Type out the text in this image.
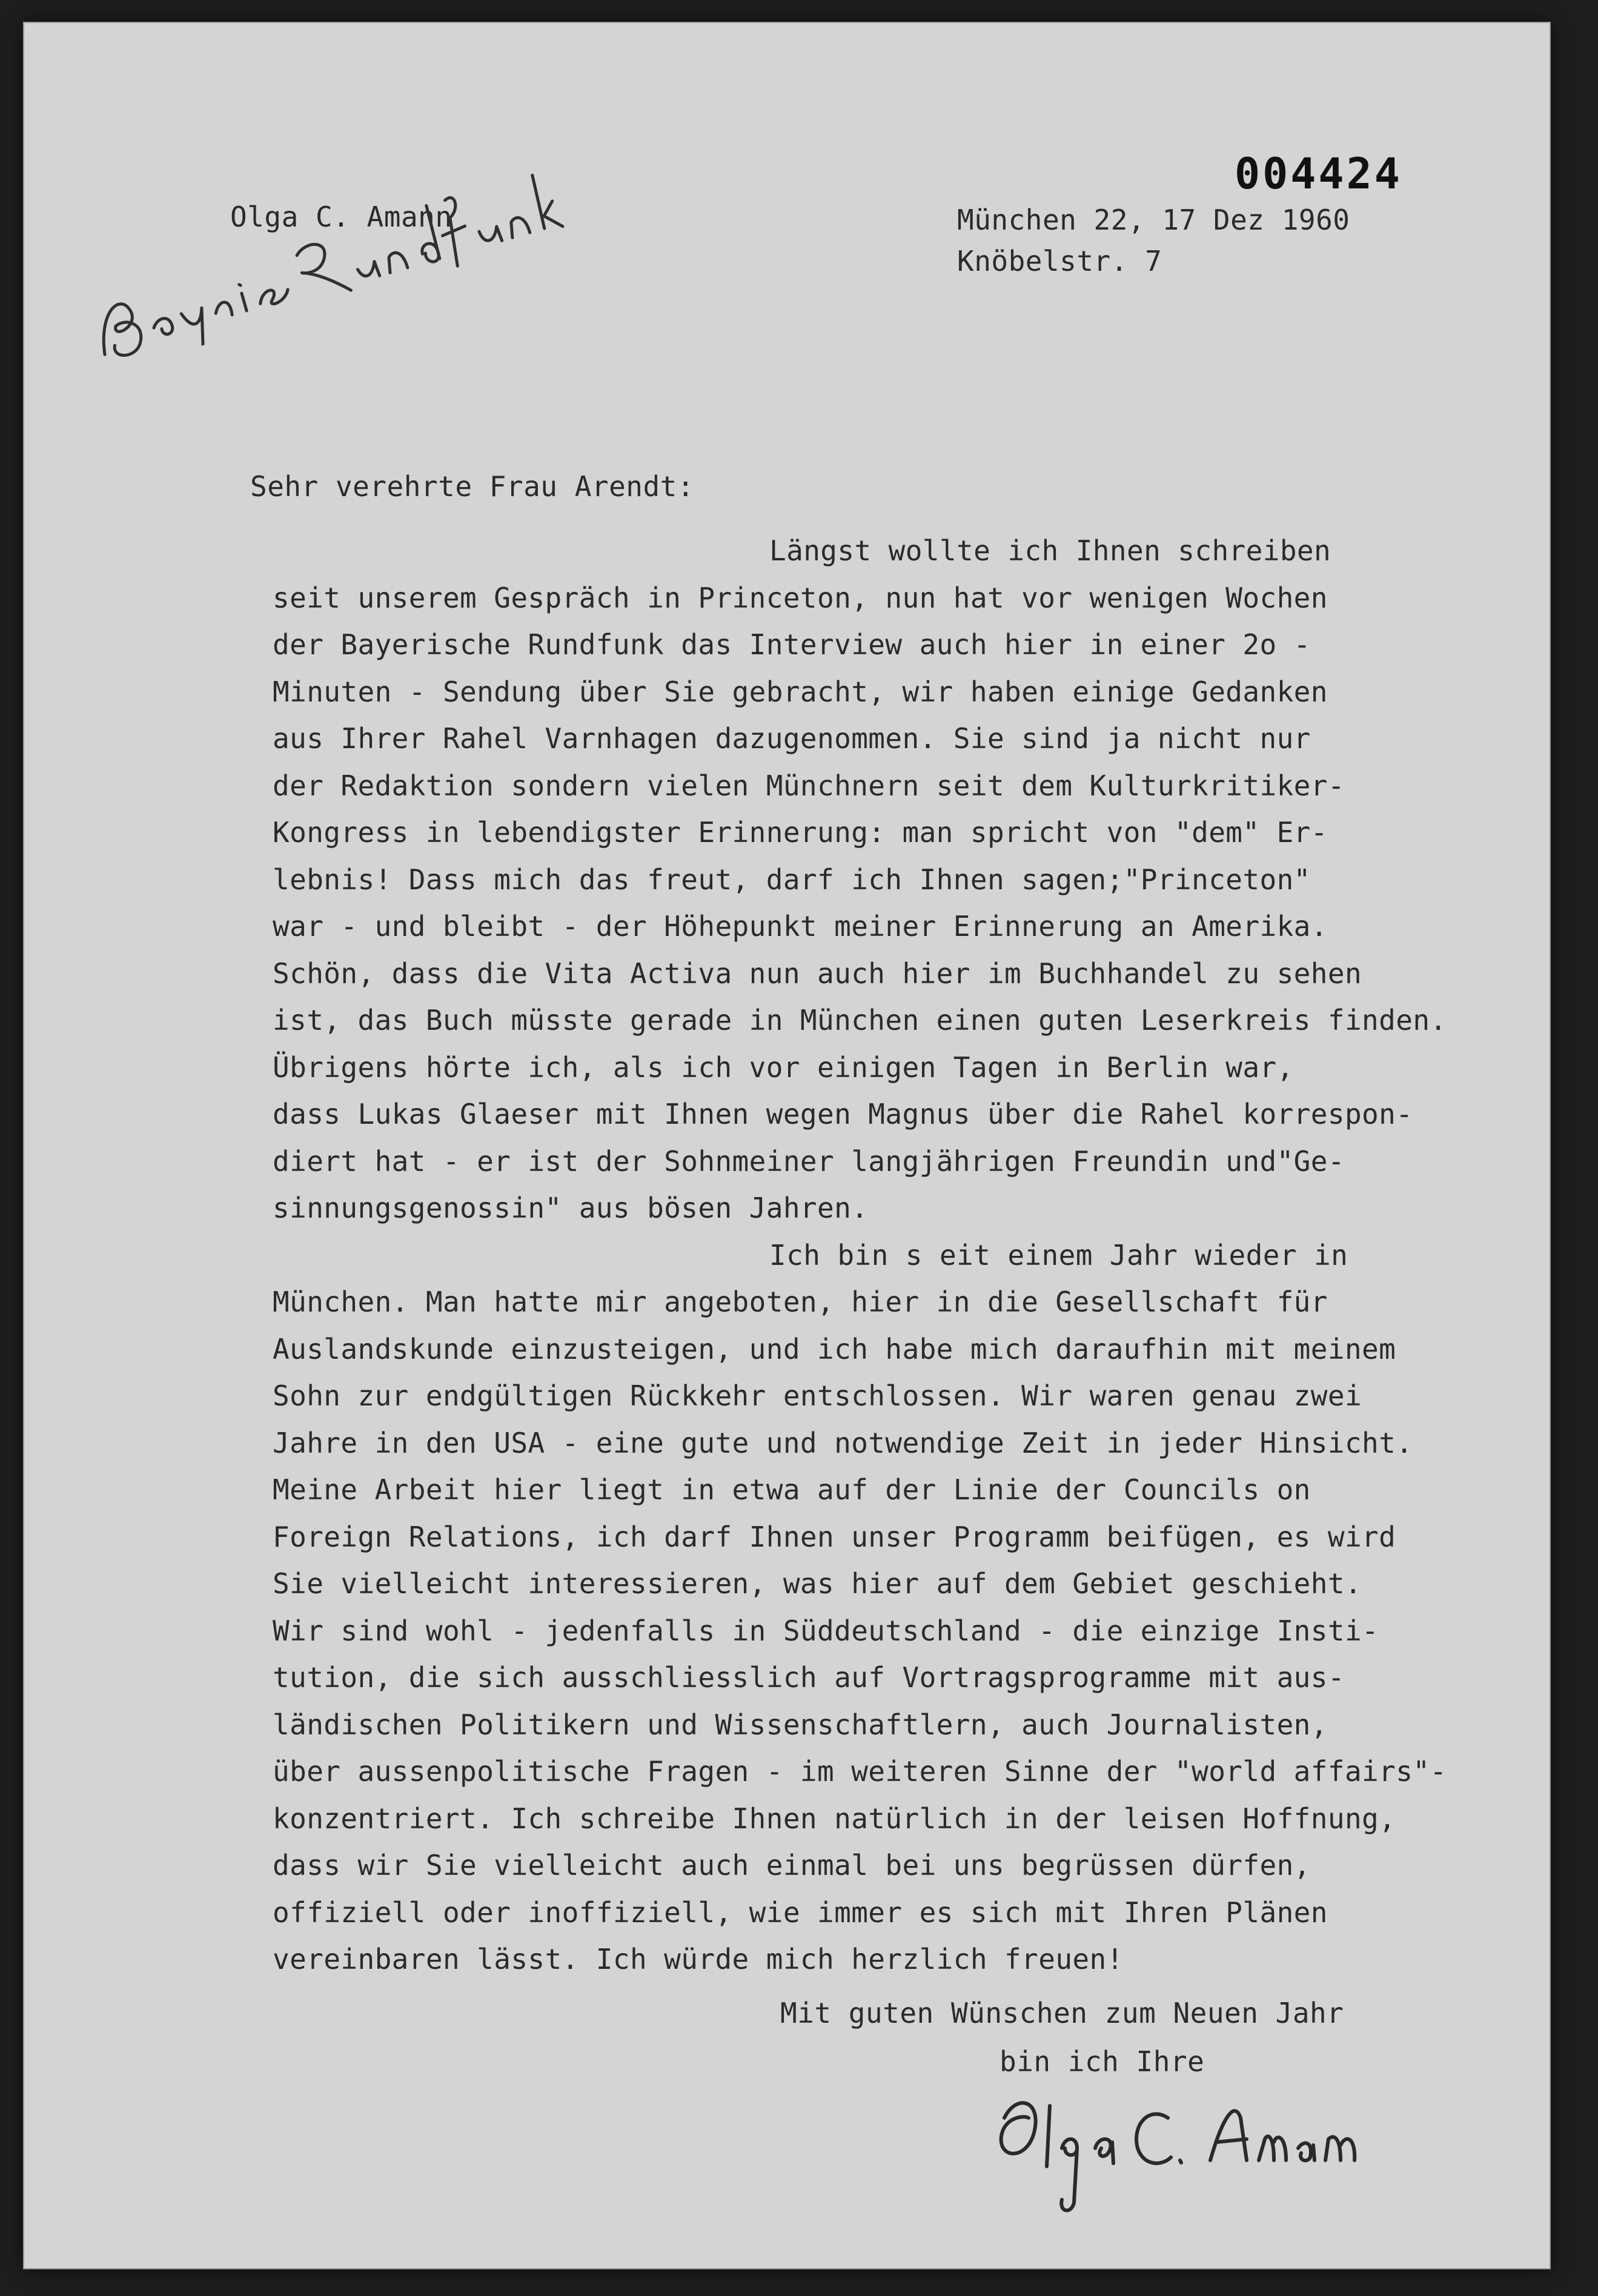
004424
Olga C. Amann	München 22, 17 Dez 1960
Knöbelstr. 7
Sehr verehrte Frau Arendt:
Längst wollte ich Ihnen schreiben
seit unserem Gespräch in Princeton, nun hat vor wenigen Wochen
der Bayerische Rundfunk das Interview auch hier in einer 2o -
Minuten - Sendung über Sie gebracht, wir haben einige Gedanken
aus Ihrer Rahel Varnhagen dazugenommen. Sie sind ja nicht nur
der Redaktion sondern vielen Münchnern seit dem Kulturkritiker-
Kongress in lebendigster Erinnerung: man spricht von "dem" Er-
lebnis! Dass mich das freut, darf ich Ihnen sagen;"Princeton"
war - und bleibt - der Höhepunkt meiner Erinnerung an Amerika.
Schön, dass die Vita Activa nun auch hier im Buchhandel zu sehen
ist, das Buch müsste gerade in München einen guten Leserkreis finden.
Übrigens hörte ich, als ich vor einigen Tagen in Berlin war,
dass Lukas Glaeser mit Ihnen wegen Magnus über die Rahel korrespon-
diert hat - er ist der Sohnmeiner langjährigen Freundin und"Ge-
sinnungsgenossin" aus bösen Jahren.
Ich bin s eit einem Jahr wieder in
München. Man hatte mir angeboten, hier in die Gesellschaft für
Auslandskunde einzusteigen, und ich habe mich daraufhin mit meinem
Sohn zur endgültigen Rückkehr entschlossen. Wir waren genau zwei
Jahre in den USA - eine gute und notwendige Zeit in jeder Hinsicht.
Meine Arbeit hier liegt in etwa auf der Linie der Councils on
Foreign Relations, ich darf Ihnen unser Programm beifügen, es wird
Sie vielleicht interessieren, was hier auf dem Gebiet geschieht.
Wir sind wohl - jedenfalls in Süddeutschland - die einzige Insti-
tution, die sich ausschliesslich auf Vortragsprogramme mit aus-
ländischen Politikern und Wissenschaftlern, auch Journalisten,
über aussenpolitische Fragen - im weiteren Sinne der "world affairs"-
konzentriert. Ich schreibe Ihnen natürlich in der leisen Hoffnung,
dass wir Sie vielleicht auch einmal bei uns begrüssen dürfen,
offiziell oder inoffiziell, wie immer es sich mit Ihren Plänen
vereinbaren lässt. Ich würde mich herzlich freuen!
Mit guten Wünschen zum Neuen Jahr
bin ich Ihre
